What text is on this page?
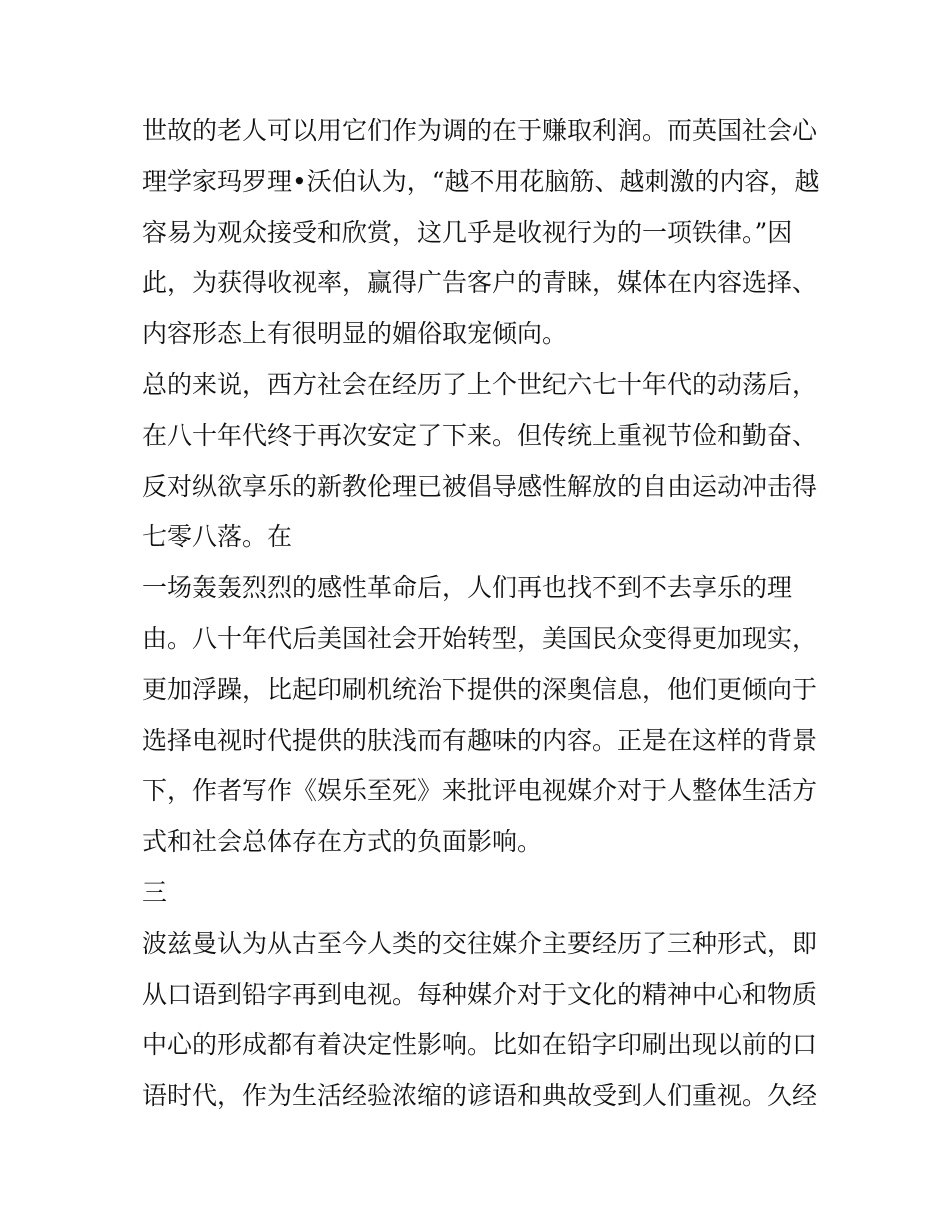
世故的老人可以用它们作为调的在于赚取利润。而英国社会心
理学家玛罗理•沃伯认为，“越不用花脑筋、越刺激的内容，越
容易为观众接受和欣赏，这几乎是收视行为的一项铁律。”因
此，为获得收视率，赢得广告客户的青睐，媒体在内容选择、
内容形态上有很明显的媚俗取宠倾向。
总的来说，西方社会在经历了上个世纪六七十年代的动荡后，
在八十年代终于再次安定了下来。但传统上重视节俭和勤奋、
反对纵欲享乐的新教伦理已被倡导感性解放的自由运动冲击得
七零八落。在
一场轰轰烈烈的感性革命后，人们再也找不到不去享乐的理
由。八十年代后美国社会开始转型，美国民众变得更加现实，
更加浮躁，比起印刷机统治下提供的深奥信息，他们更倾向于
选择电视时代提供的肤浅而有趣味的内容。正是在这样的背景
下，作者写作《娱乐至死》来批评电视媒介对于人整体生活方
式和社会总体存在方式的负面影响。
三
波兹曼认为从古至今人类的交往媒介主要经历了三种形式，即
从口语到铅字再到电视。每种媒介对于文化的精神中心和物质
中心的形成都有着决定性影响。比如在铅字印刷出现以前的口
语时代，作为生活经验浓缩的谚语和典故受到人们重视。久经
